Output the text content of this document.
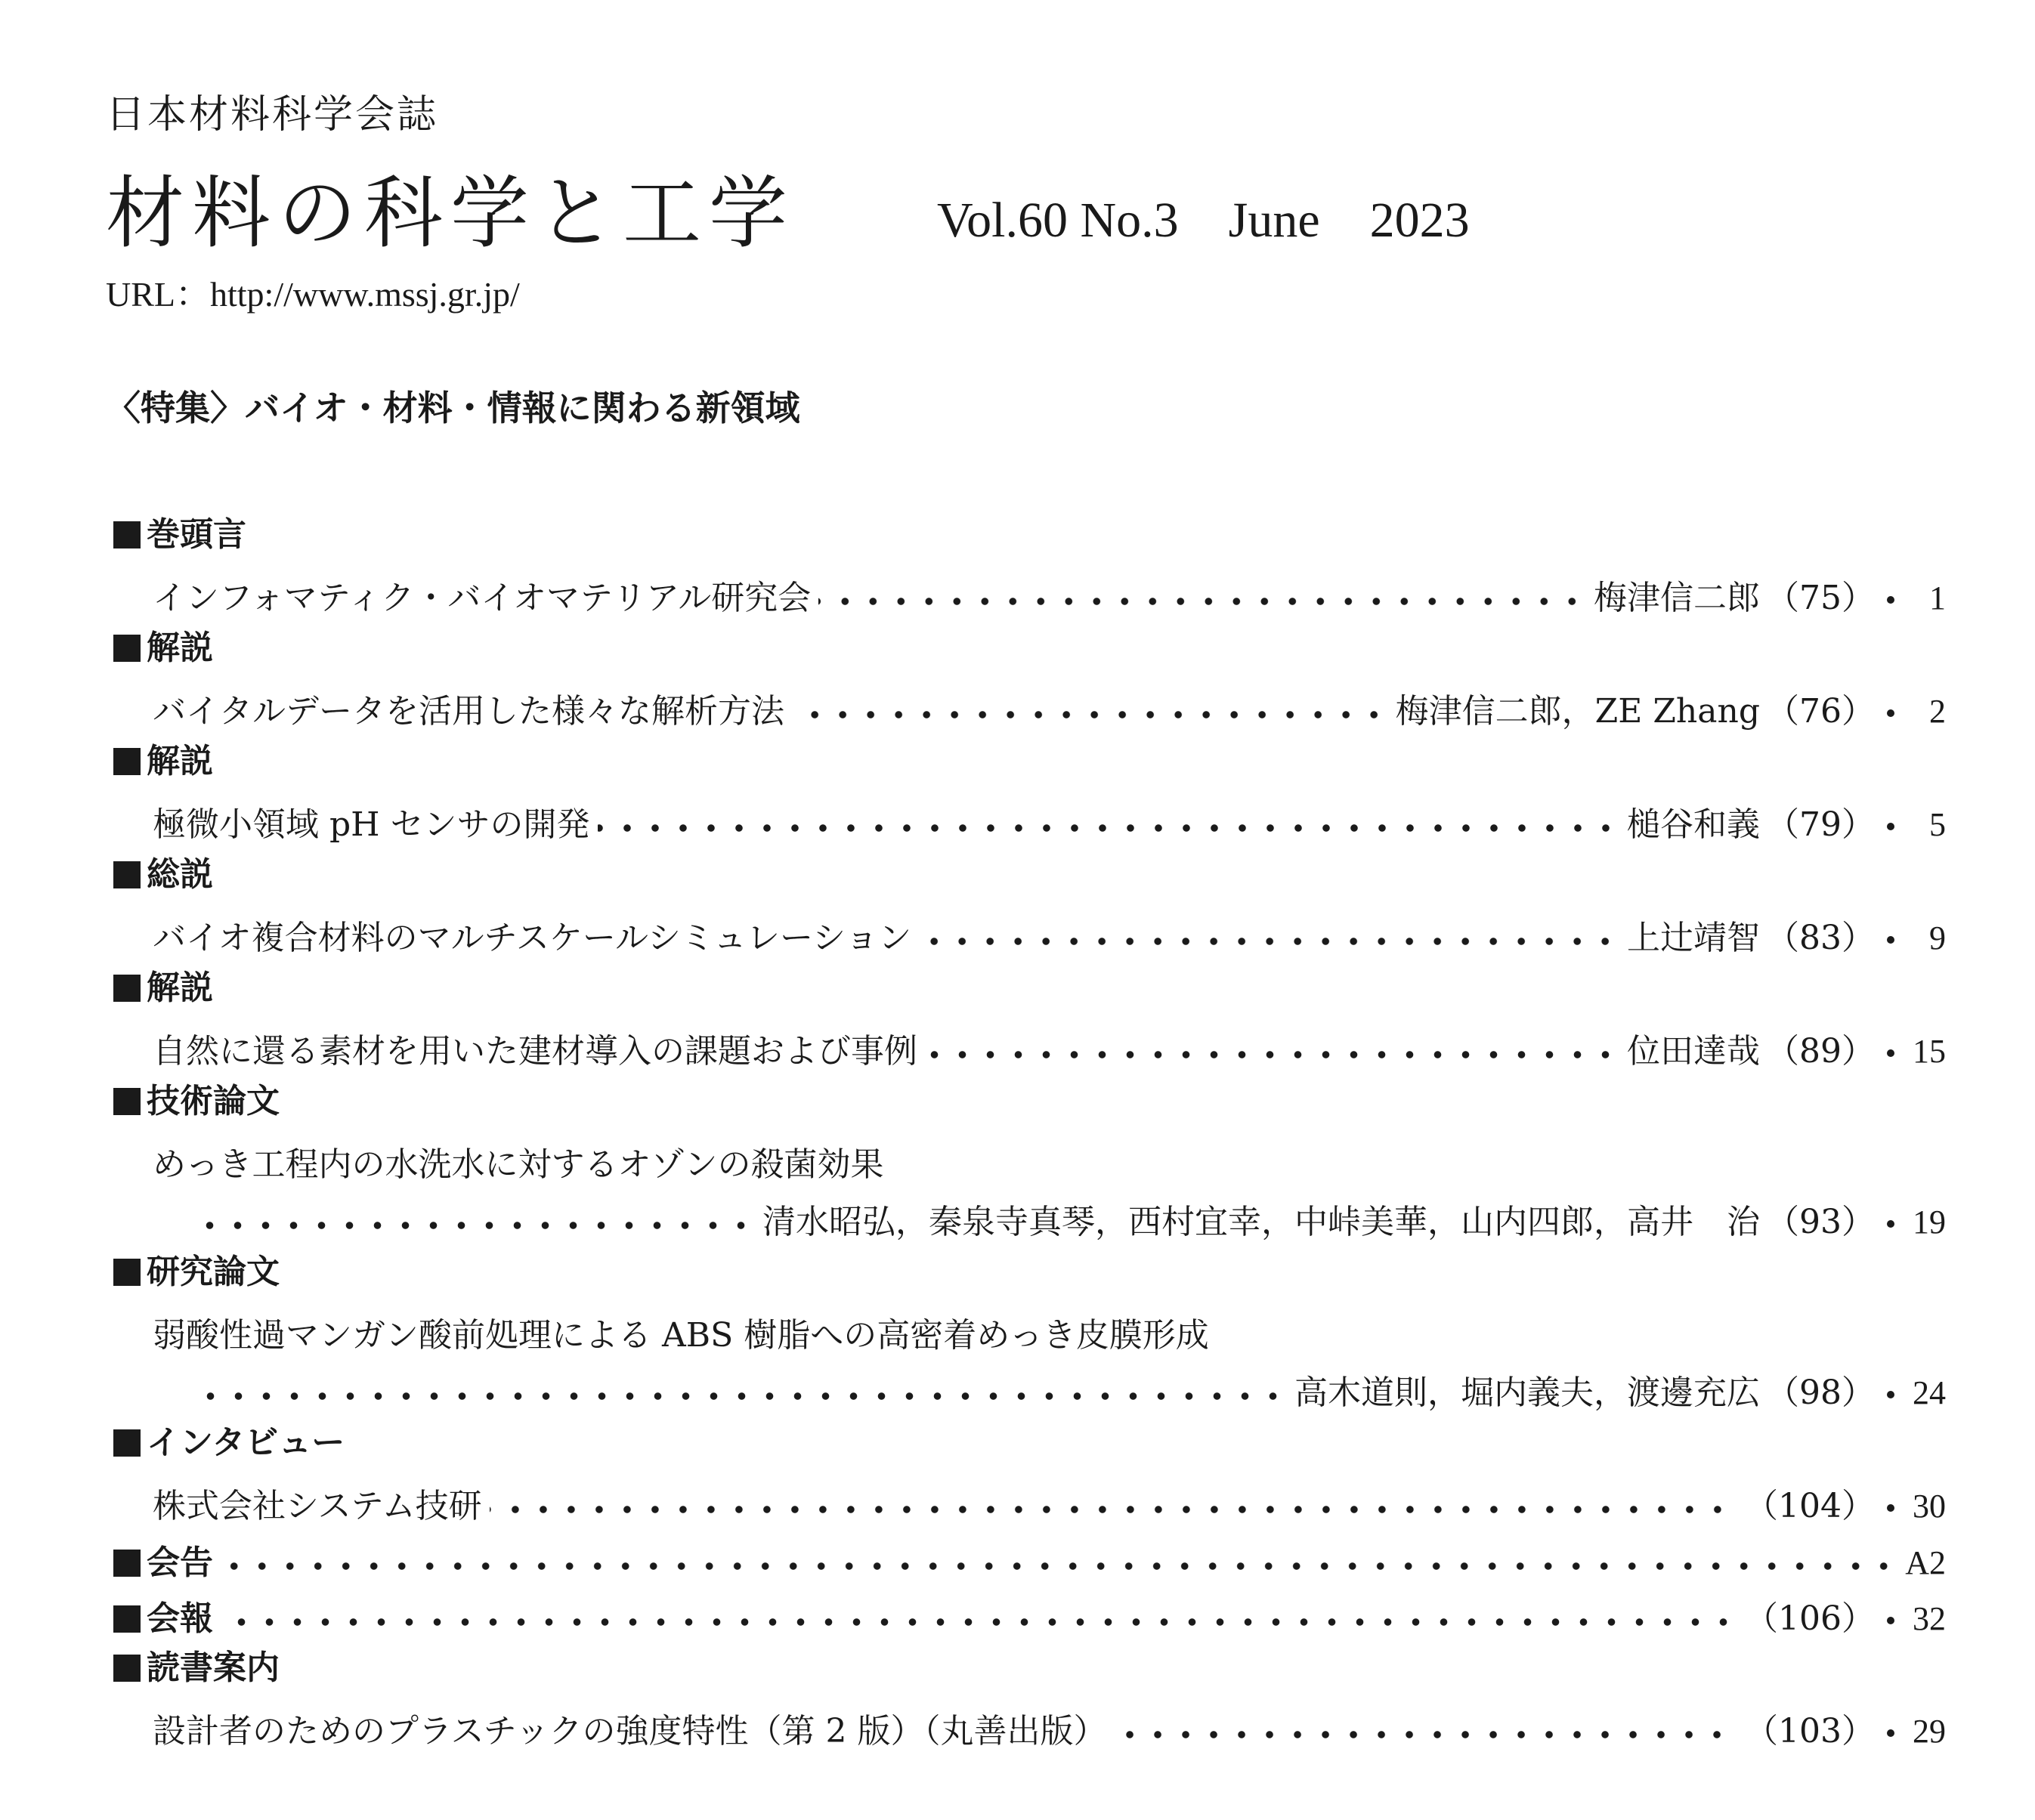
日本材料科学会誌
材料の科学と工学	Vol.60 No.3　June　2023
URL：http://www.mssj.gr.jp/
〈特集〉バイオ・材料・情報に関わる新領域
巻頭言
インフォマティク・バイオマテリアル研究会	梅津信二郎 （75）	1
解説
バイタルデータを活用した様々な解析方法	梅津信二郎，ZE Zhang （76）	2
解説
極微小領域 pH センサの開発	槌谷和義 （79）	5
総説
バイオ複合材料のマルチスケールシミュレーション	上辻靖智 （83）	9
解説
自然に還る素材を用いた建材導入の課題および事例	位田達哉 （89） 15
技術論文
めっき工程内の水洗水に対するオゾンの殺菌効果
清水昭弘，秦泉寺真琴，西村宜幸，中峠美華，山内四郎，高井　治 （93） 19
研究論文
弱酸性過マンガン酸前処理による ABS 樹脂への高密着めっき皮膜形成
高木道則，堀内義夫，渡邊充広 （98） 24
インタビュー
株式会社システム技研	（104） 30
会告	A2
会報	（106） 32
読書案内
設計者のためのプラスチックの強度特性（第 2 版）（丸善出版）	（103） 29
